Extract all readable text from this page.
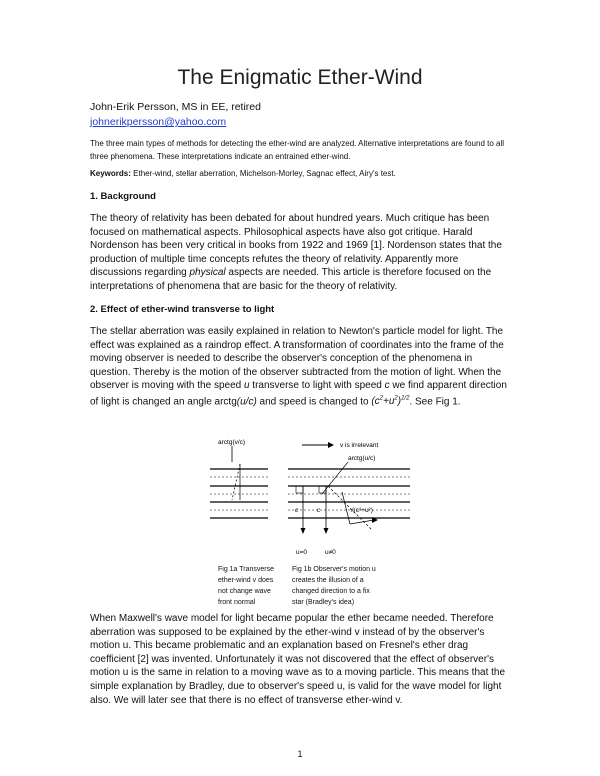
The Enigmatic Ether-Wind
John-Erik Persson, MS in EE, retired
johnerikpersson@yahoo.com
The three main types of methods for detecting the ether-wind are analyzed. Alternative interpretations are found to all three phenomena. These interpretations indicate an entrained ether-wind.
Keywords: Ether-wind, stellar aberration, Michelson-Morley, Sagnac effect, Airy's test.
1. Background

The theory of relativity has been debated for about hundred years. Much critique has been focused on mathematical aspects. Philosophical aspects have also got critique. Harald Nordenson has been very critical in books from 1922 and 1969 [1]. Nordenson states that the production of multiple time concepts refutes the theory of relativity. Apparently more discussions regarding physical aspects are needed. This article is therefore focused on the interpretations of phenomena that are basic for the theory of relativity.

2. Effect of ether-wind transverse to light

The stellar aberration was easily explained in relation to Newton's particle model for light. The effect was explained as a raindrop effect. A transformation of coordinates into the frame of the moving observer is needed to describe the observer's conception of the phenomena in question. Thereby is the motion of the observer subtracted from the motion of light. When the observer is moving with the speed u transverse to light with speed c we find apparent direction of light is changed an angle arctg(u/c) and speed is changed to $(c^2+u^2)^{1/2}$. See Fig 1.

arctg(v/c)	v is irrelevant
arctg(u/c)
c	c	√(c²+u²)
u=0	u≠0
Fig 1a Transverse
ether-wind v does
not change wave
front normal
Fig 1b Observer's motion u
creates the illusion of a
changed direction to a fix
star (Bradley's idea)

When Maxwell's wave model for light became popular the ether became needed. Therefore aberration was supposed to be explained by the ether-wind v instead of by the observer's motion u. This became problematic and an explanation based on Fresnel's ether drag coefficient [2] was invented. Unfortunately it was not discovered that the effect of observer's motion u is the same in relation to a moving wave as to a moving particle. This means that the simple explanation by Bradley, due to observer's speed u, is valid for the wave model for light also. We will later see that there is no effect of transverse ether-wind v.

1
